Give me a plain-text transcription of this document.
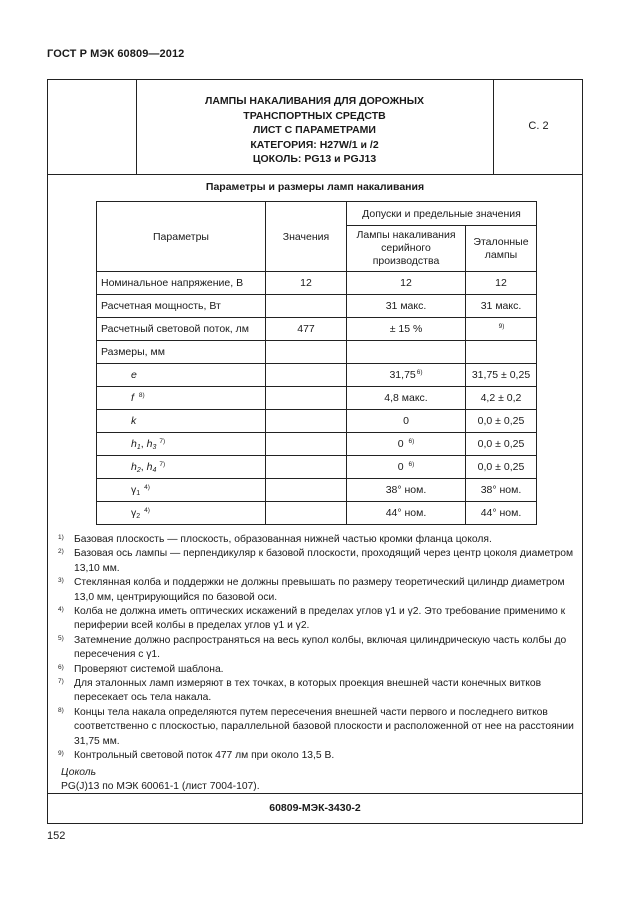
ГОСТ Р МЭК 60809—2012
ЛАМПЫ НАКАЛИВАНИЯ ДЛЯ ДОРОЖНЫХ
ТРАНСПОРТНЫХ СРЕДСТВ
ЛИСТ С ПАРАМЕТРАМИ
КАТЕГОРИЯ: H27W/1 и /2
ЦОКОЛЬ: PG13 и PGJ13
С. 2
Параметры и размеры ламп накаливания
Параметры	Значения	Допуски и предельные значения	
		Лампы накаливания серийного производства	Эталонные лампы
Номинальное напряжение, В	12	12	12
Расчетная мощность, Вт		31 макс.	31 макс.
Расчетный световой поток, лм	477	± 15 %	$^{9)}$
Размеры, мм			
e		31,75$^{6)}$	31,75 ± 0,25
f $^{8)}$		4,8 макс.	4,2 ± 0,2
k		0	0,0 ± 0,25
$h_1$, $h_3^{7)}$		0 $^{6)}$	0,0 ± 0,25
$h_2$, $h_4^{7)}$		0 $^{6)}$	0,0 ± 0,25
$\gamma_1^{4)}$		38° ном.	38° ном.
$\gamma_2^{4)}$		44° ном.	44° ном.
1) Базовая плоскость — плоскость, образованная нижней частью кромки фланца цоколя.
2) Базовая ось лампы — перпендикуляр к базовой плоскости, проходящий через центр цоколя диаметром 13,10 мм.
3) Стеклянная колба и поддержки не должны превышать по размеру теоретический цилиндр диаметром 13,0 мм, центрирующийся по базовой оси.
4) Колба не должна иметь оптических искажений в пределах углов γ1 и γ2. Это требование применимо к периферии всей колбы в пределах углов γ1 и γ2.
5) Затемнение должно распространяться на весь купол колбы, включая цилиндрическую часть колбы до пересечения с γ1.
6) Проверяют системой шаблона.
7) Для эталонных ламп измеряют в тех точках, в которых проекция внешней части конечных витков пересекает ось тела накала.
8) Концы тела накала определяются путем пересечения внешней части первого и последнего витков соответственно с плоскостью, параллельной базовой плоскости и расположенной от нее на расстоянии 31,75 мм.
9) Контрольный световой поток 477 лм при около 13,5 В.
Цоколь
PG(J)13 по МЭК 60061-1 (лист 7004-107).
60809-МЭК-3430-2
152
